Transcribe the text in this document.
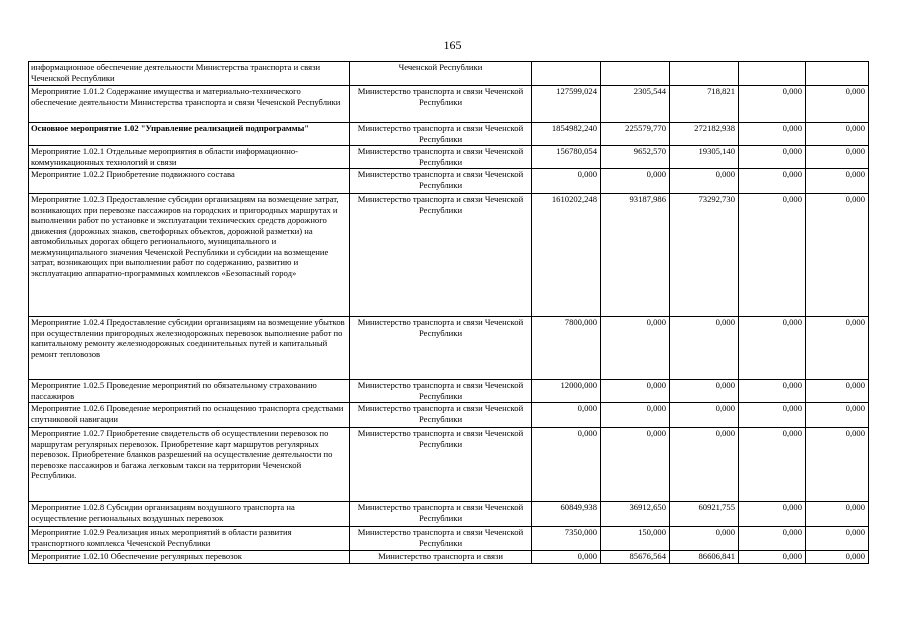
165
информационное обеспечение деятельности Министерства транспорта и связи Чеченской Республики	Чеченской Республики					
Мероприятие 1.01.2 Содержание имущества и материально-технического обеспечение деятельности Министерства транспорта и связи Чеченской Республики	Министерство транспорта и связи Чеченской Республики	127599,024	2305,544	718,821	0,000	0,000
Основное мероприятие 1.02 "Управление реализацией подпрограммы"	Министерство транспорта и связи Чеченской Республики	1854982,240	225579,770	272182,938	0,000	0,000
Мероприятие 1.02.1 Отдельные мероприятия в области информационно-коммуникационных технологий и связи	Министерство транспорта и связи Чеченской Республики	156780,054	9652,570	19305,140	0,000	0,000
Мероприятие 1.02.2 Приобретение подвижного состава	Министерство транспорта и связи Чеченской Республики	0,000	0,000	0,000	0,000	0,000
Мероприятие 1.02.3 Предоставление субсидии организациям на возмещение затрат, возникающих при перевозке пассажиров на городских и пригородных маршрутах и выполнении работ по установке и эксплуатации технических средств дорожного движения (дорожных знаков, светофорных объектов, дорожной разметки) на автомобильных дорогах общего регионального, муниципального и межмуниципального значения Чеченской Республики и субсидии на возмещение затрат, возникающих при выполнении работ по содержанию, развитию и эксплуатацию аппаратно-программных комплексов «Безопасный город»	Министерство транспорта и связи Чеченской Республики	1610202,248	93187,986	73292,730	0,000	0,000
Мероприятие 1.02.4 Предоставление субсидии организациям на возмещение убытков при осуществлении пригородных железнодорожных перевозок выполнение работ по капитальному ремонту железнодорожных соединительных путей и капитальный ремонт тепловозов	Министерство транспорта и связи Чеченской Республики	7800,000	0,000	0,000	0,000	0,000
Мероприятие 1.02.5 Проведение мероприятий по обязательному страхованию пассажиров	Министерство транспорта и связи Чеченской Республики	12000,000	0,000	0,000	0,000	0,000
Мероприятие 1.02.6 Проведение мероприятий по оснащению транспорта средствами спутниковой навигации	Министерство транспорта и связи Чеченской Республики	0,000	0,000	0,000	0,000	0,000
Мероприятие 1.02.7 Приобретение свидетельств об осуществлении перевозок по маршрутам регулярных перевозок. Приобретение карт маршрутов регулярных перевозок. Приобретение бланков разрешений на осуществление деятельности по перевозке пассажиров и багажа легковым такси на территории Чеченской Республики.	Министерство транспорта и связи Чеченской Республики	0,000	0,000	0,000	0,000	0,000
Мероприятие 1.02.8 Субсидии организациям воздушного транспорта на осуществление региональных воздушных перевозок	Министерство транспорта и связи Чеченской Республики	60849,938	36912,650	60921,755	0,000	0,000
Мероприятие 1.02.9 Реализация иных мероприятий в области развития транспортного комплекса Чеченской Республики	Министерство транспорта и связи Чеченской Республики	7350,000	150,000	0,000	0,000	0,000
Мероприятие 1.02.10 Обеспечение регулярных перевозок	Министерство транспорта и связи	0,000	85676,564	86606,841	0,000	0,000
